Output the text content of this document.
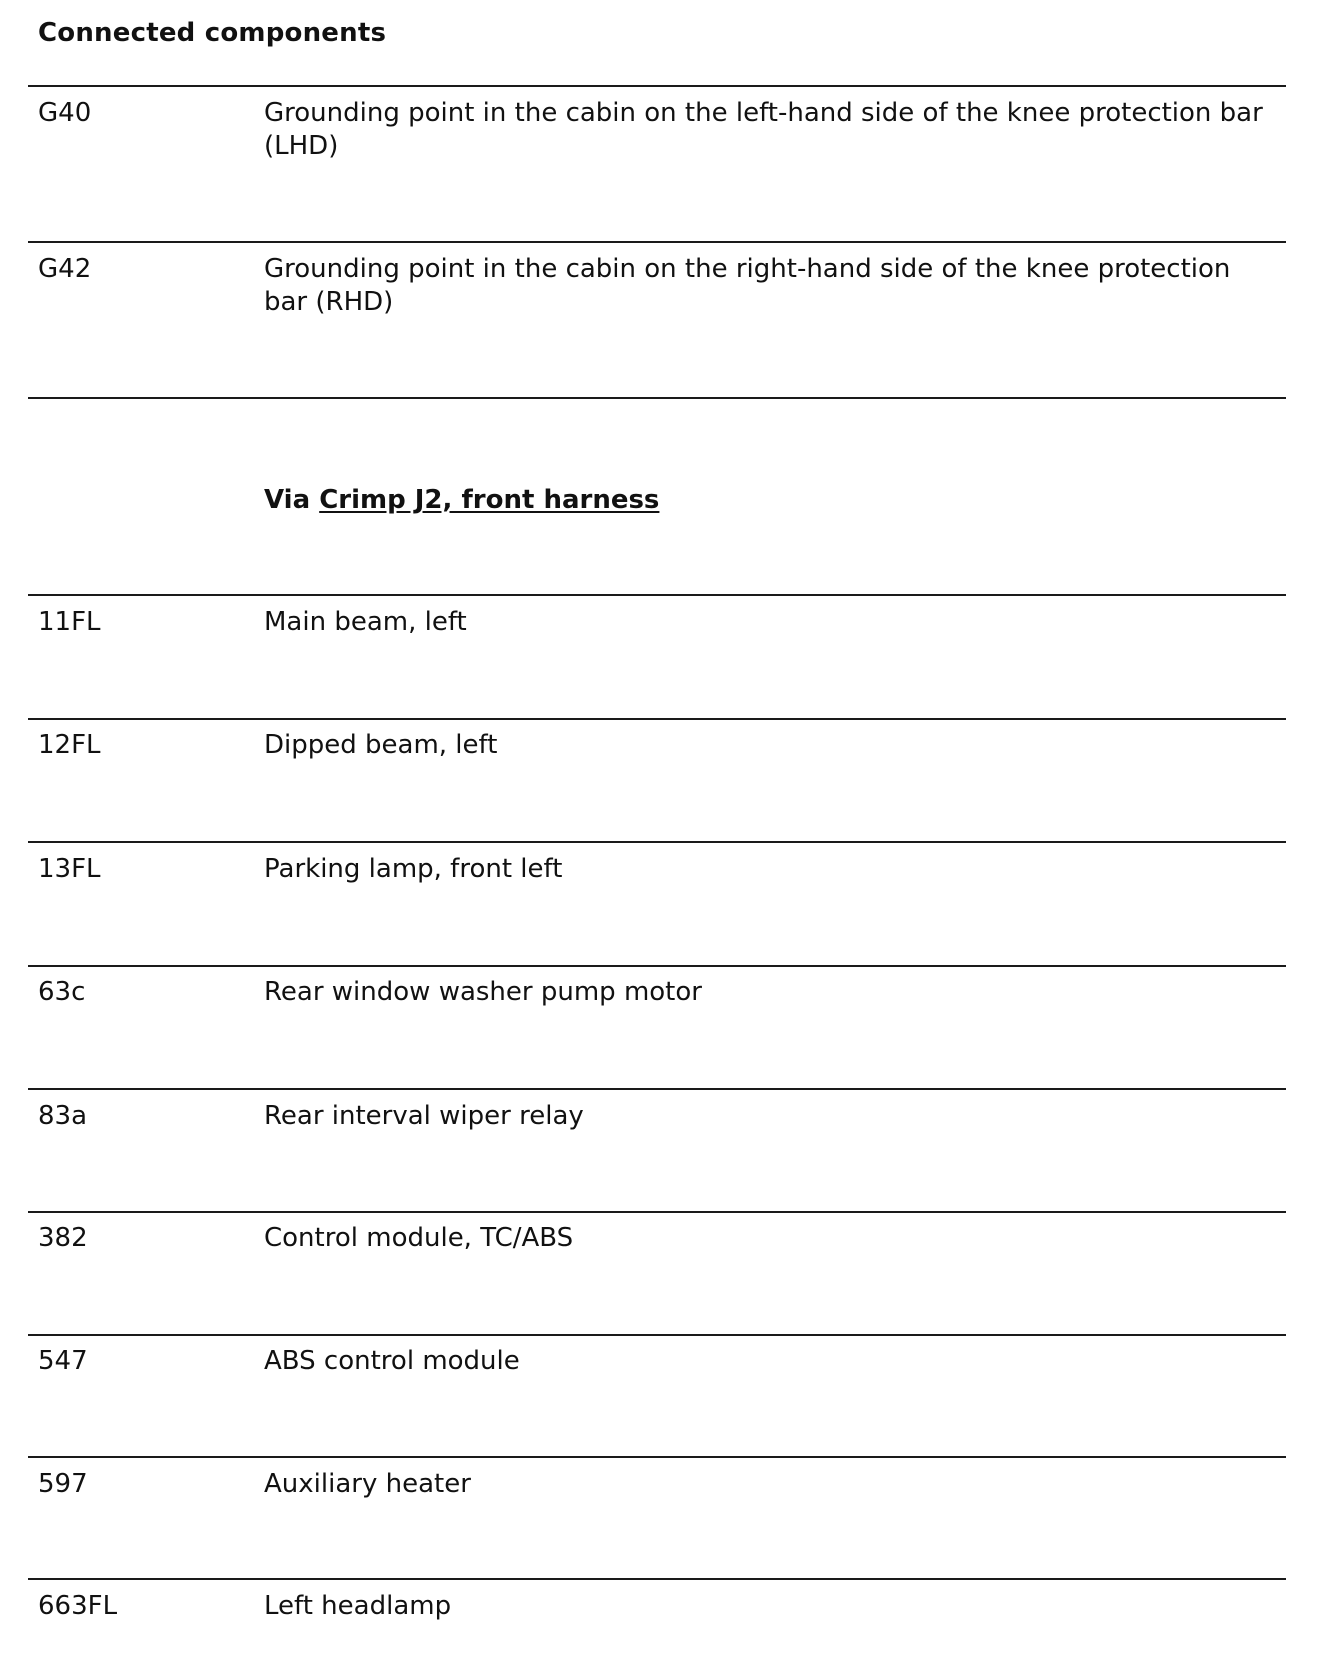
Connected components
G40	Grounding point in the cabin on the left-hand side of the knee protection bar (LHD)
G42	Grounding point in the cabin on the right-hand side of the knee protection bar (RHD)
Via Crimp J2, front harness
11FL	Main beam, left
12FL	Dipped beam, left
13FL	Parking lamp, front left
63c	Rear window washer pump motor
83a	Rear interval wiper relay
382	Control module, TC/ABS
547	ABS control module
597	Auxiliary heater
663FL	Left headlamp
